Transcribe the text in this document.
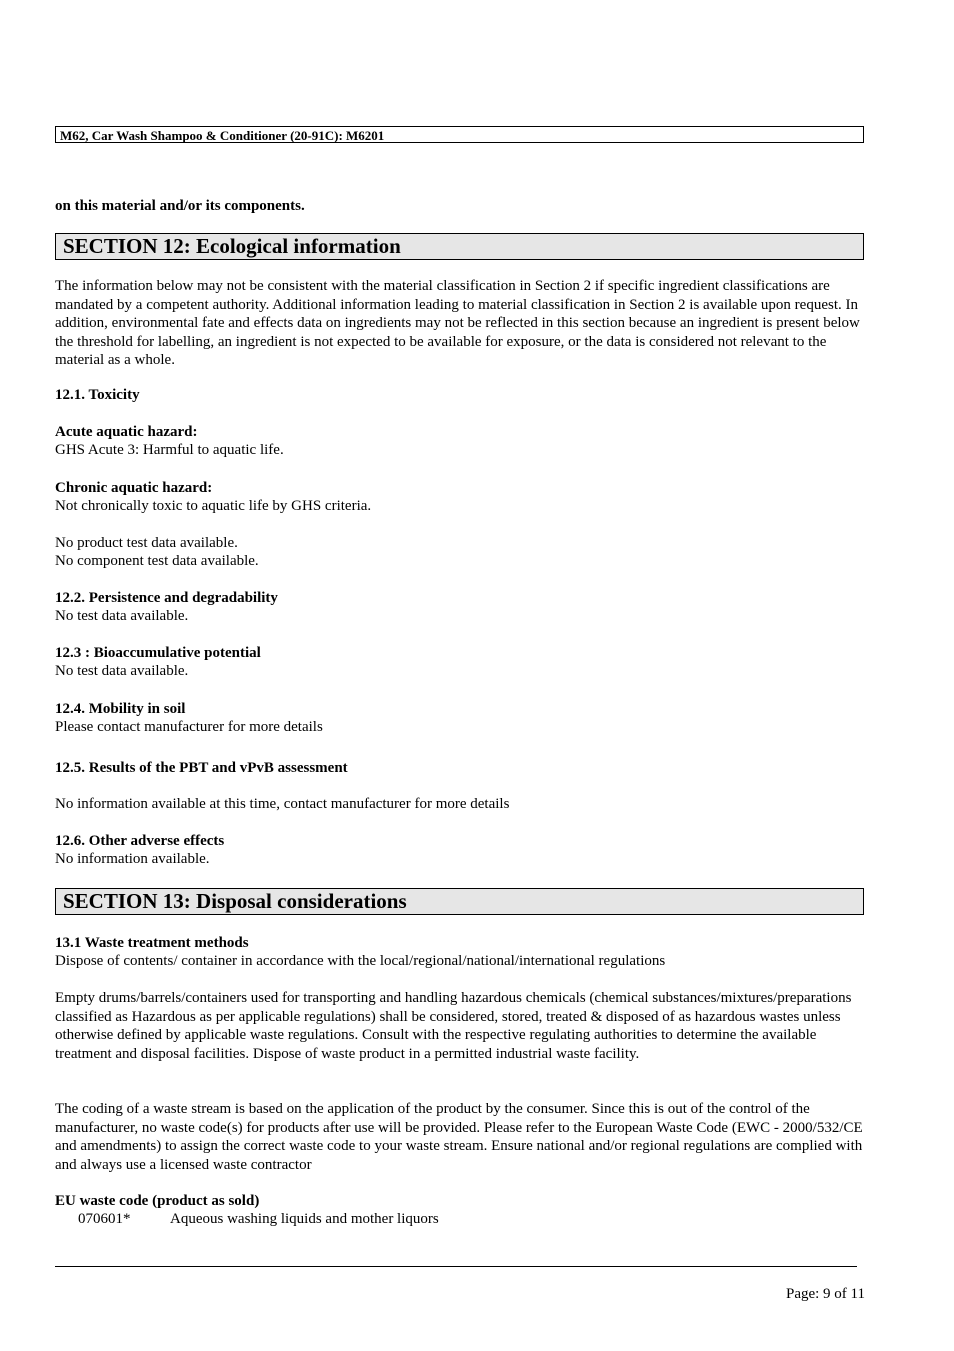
M62, Car Wash Shampoo & Conditioner (20-91C): M6201
on this material and/or its components.
SECTION 12: Ecological information
The information below may not be consistent with the material classification in Section 2 if specific ingredient classifications are mandated by a competent authority. Additional information leading to material classification in Section 2 is available upon request. In addition, environmental fate and effects data on ingredients may not be reflected in this section because an ingredient is present below the threshold for labelling, an ingredient is not expected to be available for exposure, or the data is considered not relevant to the material as a whole.
12.1. Toxicity
Acute aquatic hazard:
GHS Acute 3: Harmful to aquatic life.
Chronic aquatic hazard:
Not chronically toxic to aquatic life by GHS criteria.
No product test data available.
No component test data available.
12.2. Persistence and degradability
No test data available.
12.3 : Bioaccumulative potential
No test data available.
12.4. Mobility in soil
Please contact manufacturer for more details
12.5. Results of the PBT and vPvB assessment
No information available at this time, contact manufacturer for more details
12.6. Other adverse effects
No information available.
SECTION 13: Disposal considerations
13.1 Waste treatment methods
Dispose of contents/ container in accordance with the local/regional/national/international regulations
Empty drums/barrels/containers used for transporting and handling hazardous chemicals (chemical substances/mixtures/preparations classified as Hazardous as per applicable regulations) shall be considered, stored, treated & disposed of as hazardous wastes unless otherwise defined by applicable waste regulations. Consult with the respective regulating authorities to determine the available treatment and disposal facilities. Dispose of waste product in a permitted industrial waste facility.
The coding of a waste stream is based on the application of the product by the consumer. Since this is out of the control of the manufacturer, no waste code(s) for products after use will be provided. Please refer to the European Waste Code (EWC - 2000/532/CE and amendments) to assign the correct waste code to your waste stream. Ensure national and/or regional regulations are complied with and always use a licensed waste contractor
EU waste code (product as sold)
070601*	Aqueous washing liquids and mother liquors
Page: 9 of 11
